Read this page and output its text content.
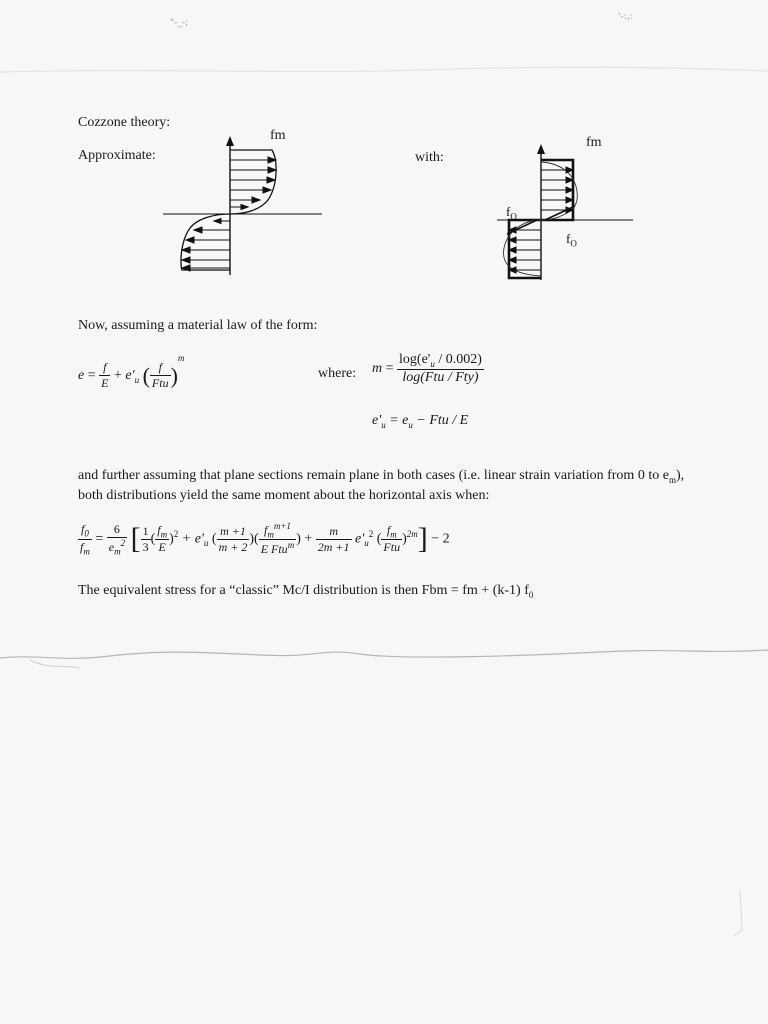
"-_-;
'-:,:
Cozzone theory:
Approximate:	with:
fm	fm
$f_O$
$f_O$
Now, assuming a material law of the form:
$e = \frac{f}{E} + e'_u$ ( $\frac{f}{\text{Ftu}} )^m$
where: $m = \frac{\log(e'_u / 0.002)}{\text{log(Ftu / Fty)}}$
$e'_u = e_u$ − Ftu / E
and further assuming that plane sections remain plane in both cases (i.e. linear strain variation from 0 to $e_m$),
both distributions yield the same moment about the horizontal axis when:
$\frac{f_0}{f_m} = \frac{6}{e_m^2}$ [ $\frac{1}{3}$ ( $\frac{f_m}{E} )^2 + e'_u$ ( $\frac{m +1}{m + 2}$ )( $\frac{f_m^{m+1}}{E Ftu^m}$ ) + $\frac{m}{2m +1} e'_u^2$ ( $\frac{f_m}{\text{Ftu}} )^{2m}] - 2$
The equivalent stress for a “classic” Mc/I distribution is then Fbm = fm + (k-1) $f_0$
